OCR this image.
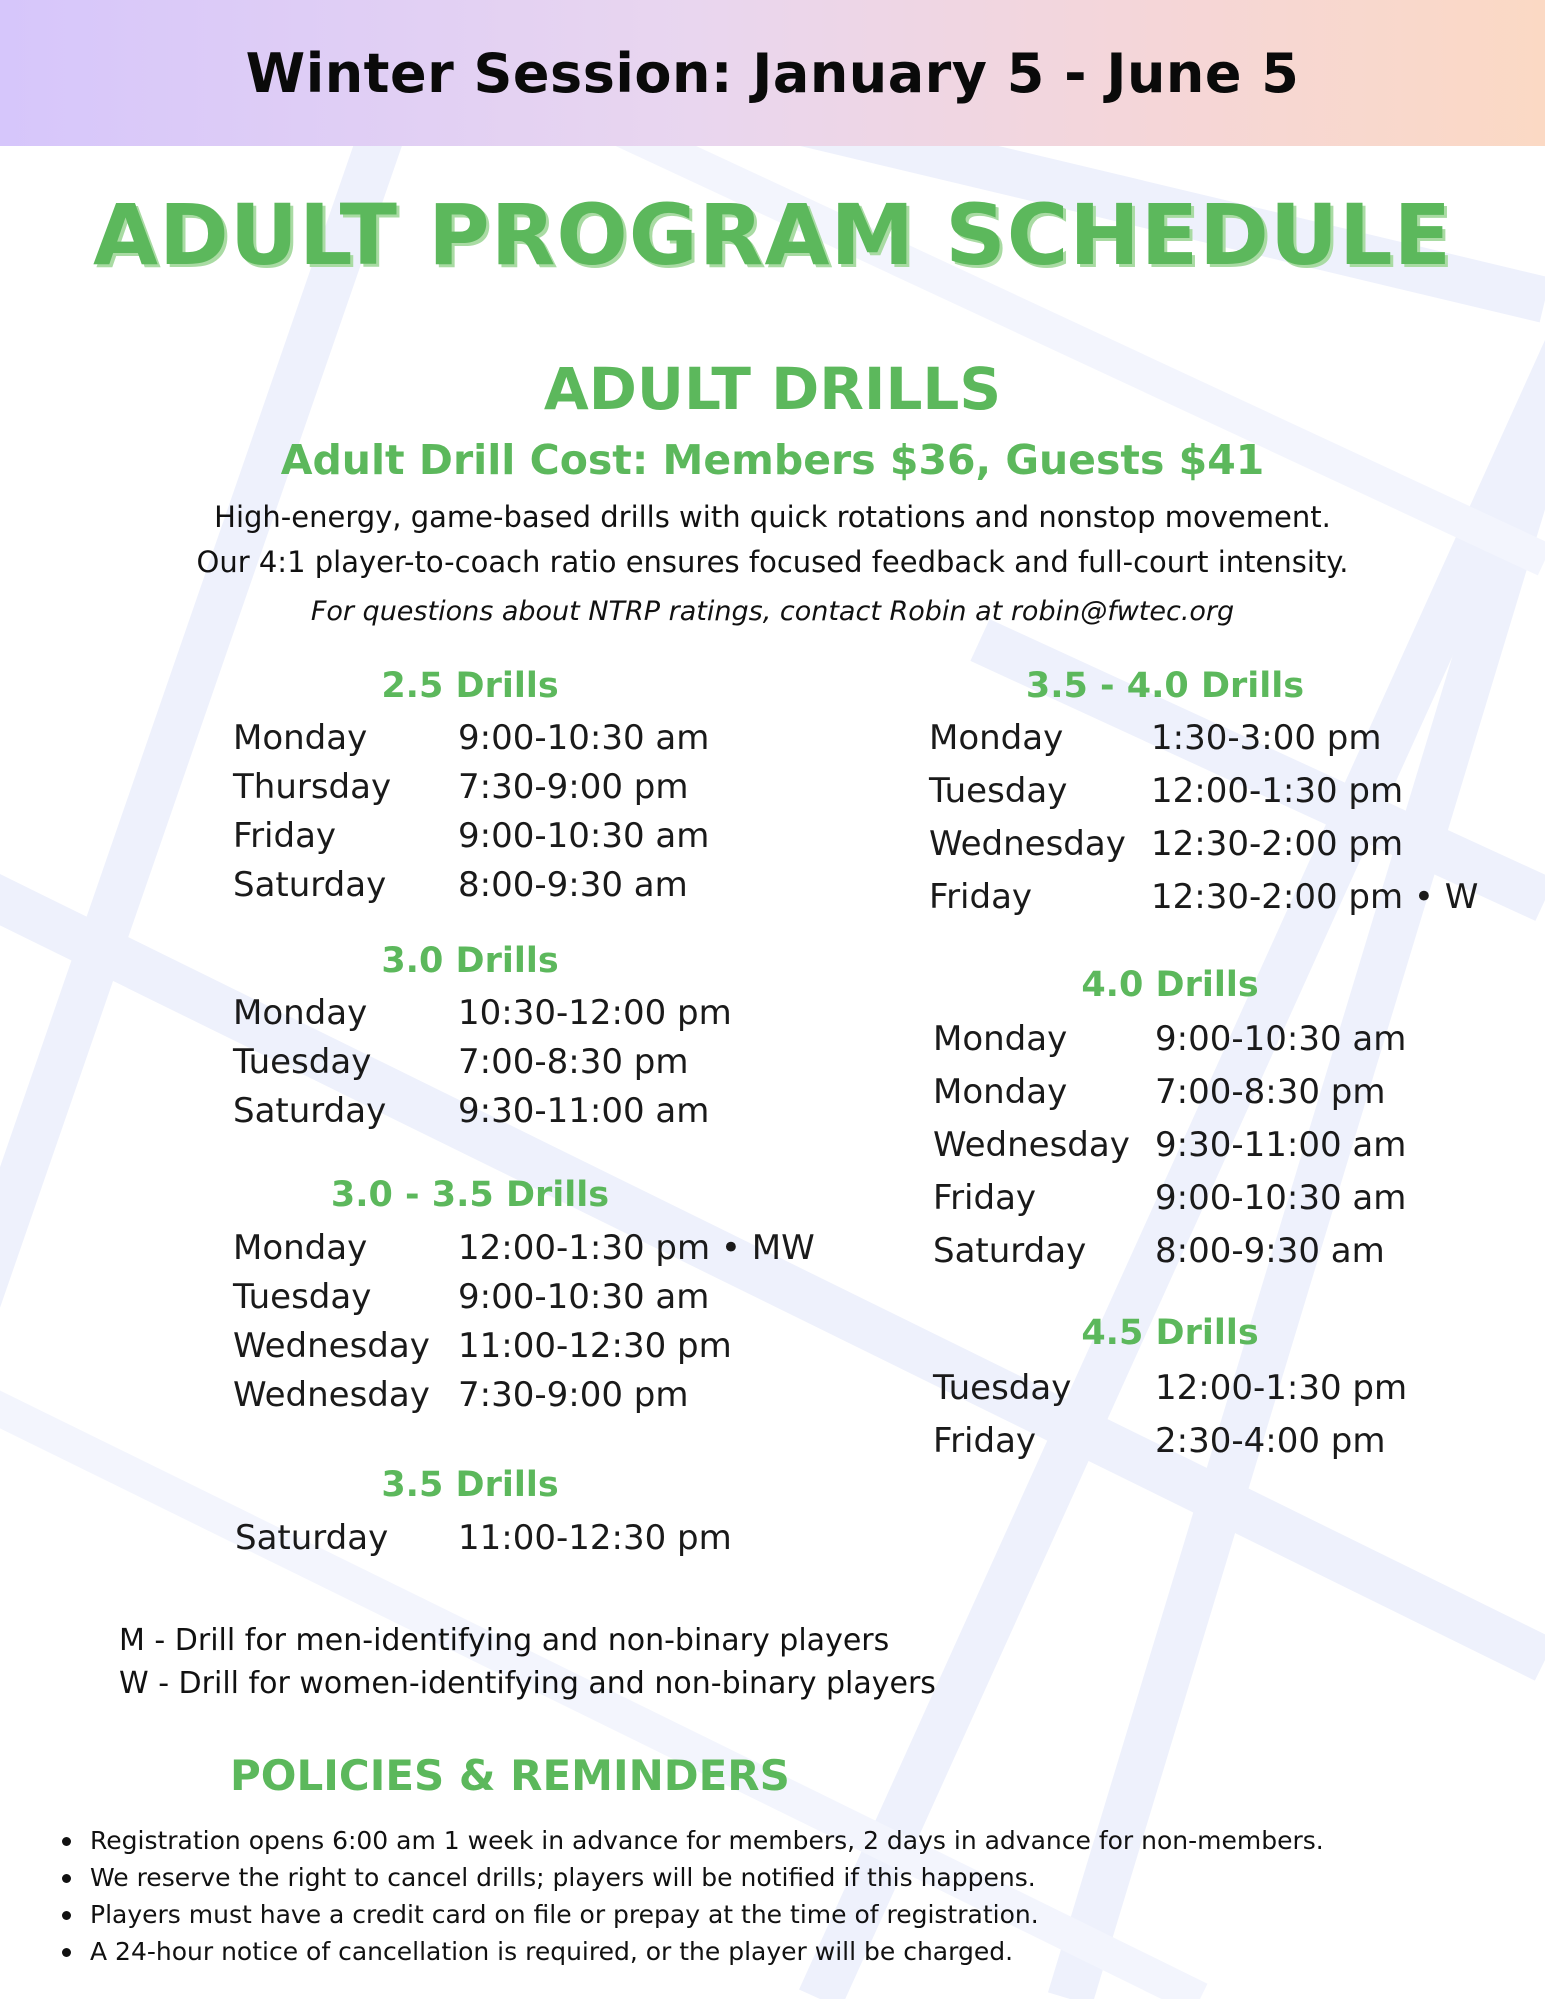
Winter Session: January 5 - June 5
ADULT PROGRAM SCHEDULE
ADULT DRILLS
Adult Drill Cost: Members $36, Guests $41
High-energy, game-based drills with quick rotations and nonstop movement.
Our 4:1 player-to-coach ratio ensures focused feedback and full-court intensity.
For questions about NTRP ratings, contact Robin at robin@fwtec.org
2.5 Drills
Monday	9:00-10:30 am
Thursday 7:30-9:00 pm
Friday	9:00-10:30 am
Saturday 8:00-9:30 am
3.0 Drills
Monday	10:30-12:00 pm
Tuesday	7:00-8:30 pm
Saturday 9:30-11:00 am
3.0 - 3.5 Drills
Monday	12:00-1:30 pm • MW
Tuesday	9:00-10:30 am
Wednesday 11:00-12:30 pm
Wednesday 7:30-9:00 pm
3.5 Drills
Saturday 11:00-12:30 pm
3.5 - 4.0 Drills
Monday	1:30-3:00 pm
Tuesday 12:00-1:30 pm
Wednesday 12:30-2:00 pm
Friday	12:30-2:00 pm • W
4.0 Drills
Monday	9:00-10:30 am
Monday	7:00-8:30 pm
Wednesday 9:30-11:00 am
Friday	9:00-10:30 am
Saturday 8:00-9:30 am
4.5 Drills
Tuesday 12:00-1:30 pm
Friday	2:30-4:00 pm
M - Drill for men-identifying and non-binary players
W - Drill for women-identifying and non-binary players
POLICIES & REMINDERS
Registration opens 6:00 am 1 week in advance for members, 2 days in advance for non-members.
We reserve the right to cancel drills; players will be notified if this happens.
Players must have a credit card on file or prepay at the time of registration.
A 24-hour notice of cancellation is required, or the player will be charged.
